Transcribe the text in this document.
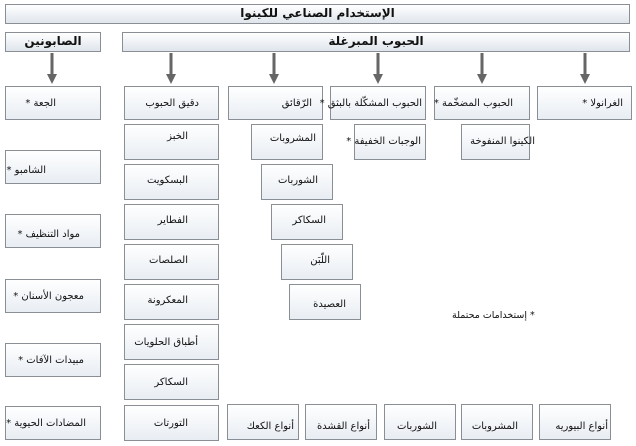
الإستخدام الصناعي للكينوا
الصابونين	الحبوب المبرغلة
الجعة *
الشامبو *
مواد التنظيف *
معجون الأسنان *
مبيدات الآفات *
المضادات الحيوية *
دقيق الحبوب	الرّقائق الحبوب المشكّلة بالبثق * الحبوب المضخّمة *	الغرانولا *
الخبز
البسكويت
الفطاير
الصلصات
المعكرونة
أطباق الحلويات
السكاكر
التورتات
المشروبات
الشوربات
السكاكر
اللّبَن
العصيدة
الوجبات الخفيفة *	الكينوا المنفوخة
* إستخدامات محتملة
أنواع الكعك أنواع القشدة	الشوربات	المشروبات	أنواع البيوريه
